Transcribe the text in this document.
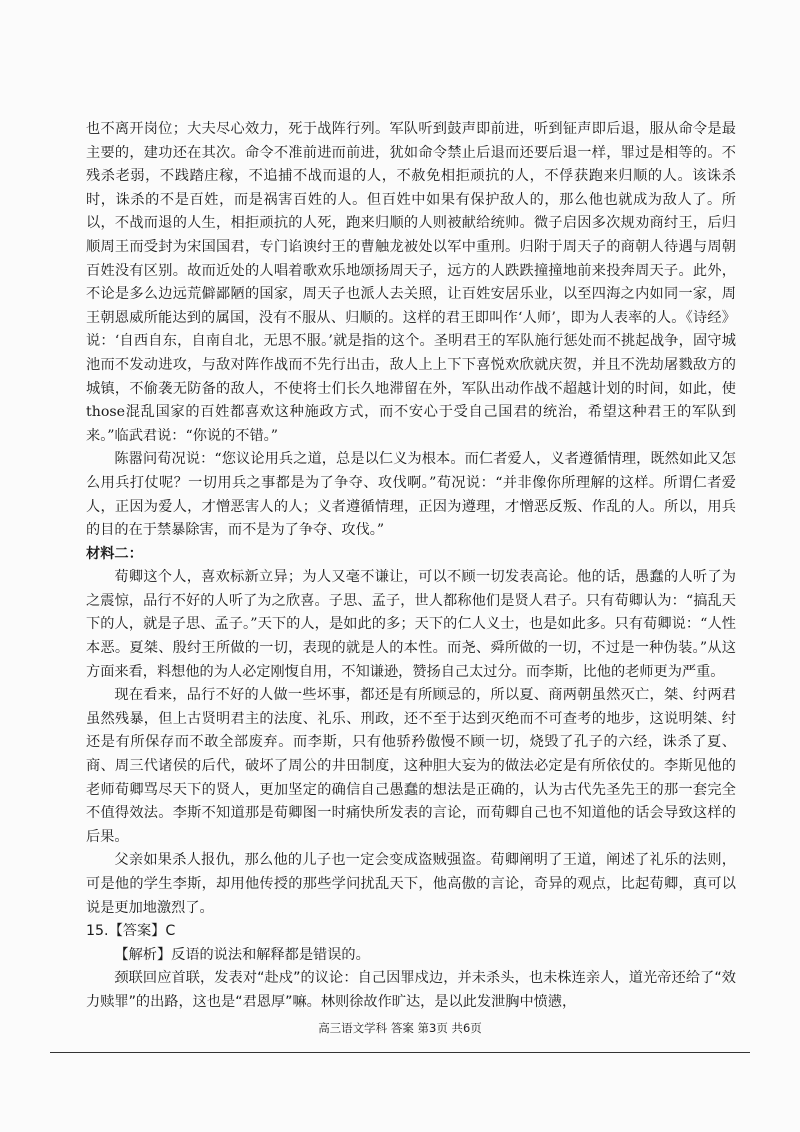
也不离开岗位；大夫尽心效力，死于战阵行列。军队听到鼓声即前进，听到钲声即后退，服从命令是最主要的，建功还在其次。命令不准前进而前进，犹如命令禁止后退而还要后退一样，罪过是相等的。不残杀老弱，不践踏庄稼，不追捕不战而退的人，不赦免相拒顽抗的人，不俘获跑来归顺的人。该诛杀时，诛杀的不是百姓，而是祸害百姓的人。但百姓中如果有保护敌人的，那么他也就成为敌人了。所以，不战而退的人生，相拒顽抗的人死，跑来归顺的人则被献给统帅。微子启因多次规劝商纣王，后归顺周王而受封为宋国国君，专门谄谀纣王的曹触龙被处以军中重刑。归附于周天子的商朝人待遇与周朝百姓没有区别。故而近处的人唱着歌欢乐地颂扬周天子，远方的人跌跌撞撞地前来投奔周天子。此外，不论是多么边远荒僻鄙陋的国家，周天子也派人去关照，让百姓安居乐业，以至四海之内如同一家，周王朝恩威所能达到的属国，没有不服从、归顺的。这样的君王即叫作‘人师’，即为人表率的人。《诗经》说：‘自西自东，自南自北，无思不服。’就是指的这个。圣明君王的军队施行惩处而不挑起战争，固守城池而不发动进攻，与敌对阵作战而不先行出击，敌人上上下下喜悦欢欣就庆贺，并且不洗劫屠戮敌方的城镇，不偷袭无防备的敌人，不使将士们长久地滞留在外，军队出动作战不超越计划的时间，如此，使those混乱国家的百姓都喜欢这种施政方式，而不安心于受自己国君的统治，希望这种君王的军队到来。”临武君说：“你说的不错。”

陈嚣问荀况说：“您议论用兵之道，总是以仁义为根本。而仁者爱人，义者遵循情理，既然如此又怎么用兵打仗呢？一切用兵之事都是为了争夺、攻伐啊。”荀况说：“并非像你所理解的这样。所谓仁者爱人，正因为爱人，才憎恶害人的人；义者遵循情理，正因为遵理，才憎恶反叛、作乱的人。所以，用兵的目的在于禁暴除害，而不是为了争夺、攻伐。”

材料二：

荀卿这个人，喜欢标新立异；为人又毫不谦让，可以不顾一切发表高论。他的话，愚蠢的人听了为之震惊，品行不好的人听了为之欣喜。子思、孟子，世人都称他们是贤人君子。只有荀卿认为：“搞乱天下的人，就是子思、孟子。”天下的人，是如此的多；天下的仁人义士，也是如此多。只有荀卿说：“人性本恶。夏桀、殷纣王所做的一切，表现的就是人的本性。而尧、舜所做的一切，不过是一种伪装。”从这方面来看，料想他的为人必定刚愎自用，不知谦逊，赞扬自己太过分。而李斯，比他的老师更为严重。

现在看来，品行不好的人做一些坏事，都还是有所顾忌的，所以夏、商两朝虽然灭亡，桀、纣两君虽然残暴，但上古贤明君主的法度、礼乐、刑政，还不至于达到灭绝而不可查考的地步，这说明桀、纣还是有所保存而不敢全部废弃。而李斯，只有他骄矜傲慢不顾一切，烧毁了孔子的六经，诛杀了夏、商、周三代诸侯的后代，破坏了周公的井田制度，这种胆大妄为的做法必定是有所依仗的。李斯见他的老师荀卿骂尽天下的贤人，更加坚定的确信自己愚蠢的想法是正确的，认为古代先圣先王的那一套完全不值得效法。李斯不知道那是荀卿图一时痛快所发表的言论，而荀卿自己也不知道他的话会导致这样的后果。

父亲如果杀人报仇，那么他的儿子也一定会变成盗贼强盗。荀卿阐明了王道，阐述了礼乐的法则，可是他的学生李斯，却用他传授的那些学问扰乱天下，他高傲的言论，奇异的观点，比起荀卿，真可以说是更加地激烈了。

15.【答案】C

【解析】反语的说法和解释都是错误的。

颈联回应首联，发表对“赴戍”的议论：自己因罪戍边，并未杀头，也未株连亲人，道光帝还给了“效力赎罪”的出路，这也是“君恩厚”嘛。林则徐故作旷达，是以此发泄胸中愤懑，

高三语文学科 答案 第3页 共6页
